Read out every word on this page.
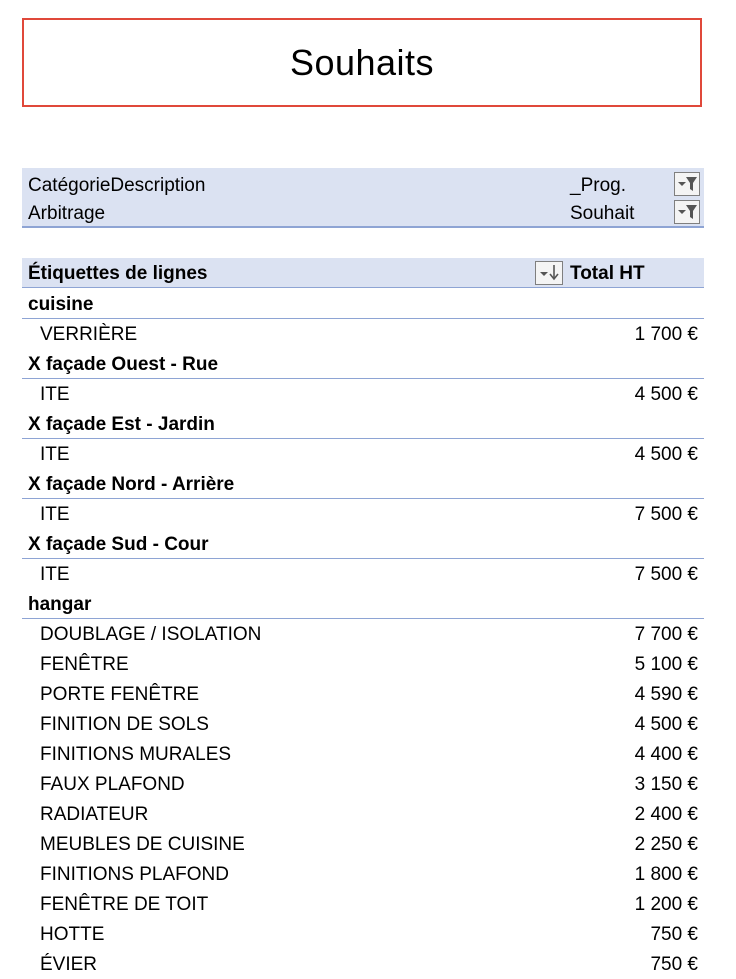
Souhaits
CatégorieDescription	_Prog.
Arbitrage	Souhait
Étiquettes de lignes	Total HT
cuisine
VERRIÈRE	1 700 €
X façade Ouest - Rue
ITE	4 500 €
X façade Est - Jardin
ITE	4 500 €
X façade Nord - Arrière
ITE	7 500 €
X façade Sud - Cour
ITE	7 500 €
hangar
DOUBLAGE / ISOLATION	7 700 €
FENÊTRE	5 100 €
PORTE FENÊTRE	4 590 €
FINITION DE SOLS	4 500 €
FINITIONS MURALES	4 400 €
FAUX PLAFOND	3 150 €
RADIATEUR	2 400 €
MEUBLES DE CUISINE	2 250 €
FINITIONS PLAFOND	1 800 €
FENÊTRE DE TOIT	1 200 €
HOTTE	750 €
ÉVIER	750 €
